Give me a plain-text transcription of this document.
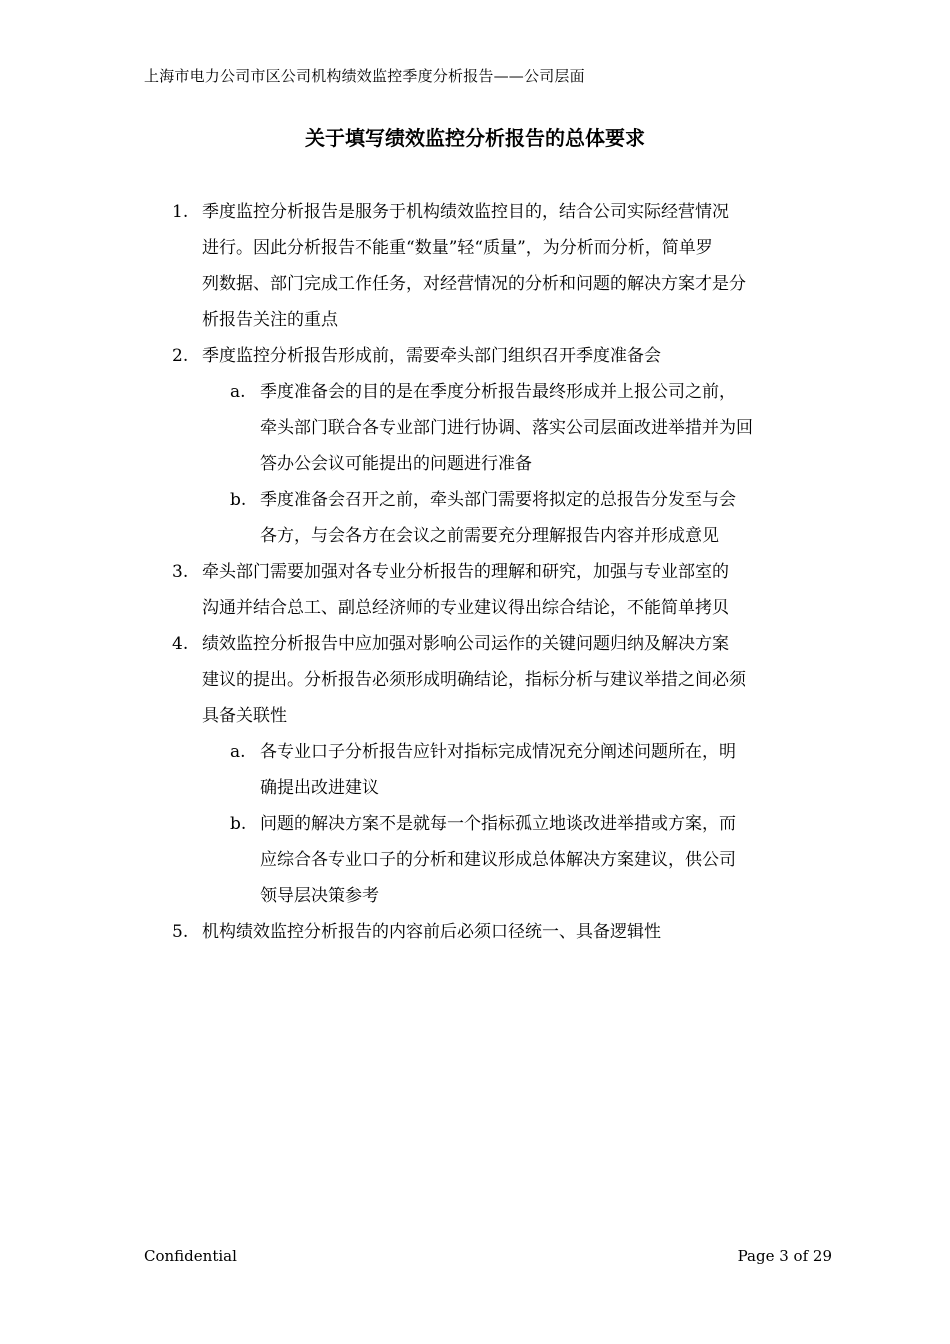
上海市电力公司市区公司机构绩效监控季度分析报告——公司层面
关于填写绩效监控分析报告的总体要求
1. 季度监控分析报告是服务于机构绩效监控目的，结合公司实际经营情况
进行。因此分析报告不能重“数量”轻“质量”，为分析而分析，简单罗
列数据、部门完成工作任务，对经营情况的分析和问题的解决方案才是分
析报告关注的重点
2. 季度监控分析报告形成前，需要牵头部门组织召开季度准备会
a. 季度准备会的目的是在季度分析报告最终形成并上报公司之前，
牵头部门联合各专业部门进行协调、落实公司层面改进举措并为回
答办公会议可能提出的问题进行准备
b. 季度准备会召开之前，牵头部门需要将拟定的总报告分发至与会
各方，与会各方在会议之前需要充分理解报告内容并形成意见
3. 牵头部门需要加强对各专业分析报告的理解和研究，加强与专业部室的
沟通并结合总工、副总经济师的专业建议得出综合结论，不能简单拷贝
4. 绩效监控分析报告中应加强对影响公司运作的关键问题归纳及解决方案
建议的提出。分析报告必须形成明确结论，指标分析与建议举措之间必须
具备关联性
a. 各专业口子分析报告应针对指标完成情况充分阐述问题所在，明
确提出改进建议
b. 问题的解决方案不是就每一个指标孤立地谈改进举措或方案，而
应综合各专业口子的分析和建议形成总体解决方案建议，供公司
领导层决策参考
5. 机构绩效监控分析报告的内容前后必须口径统一、具备逻辑性
Confidential	Page 3 of 29
